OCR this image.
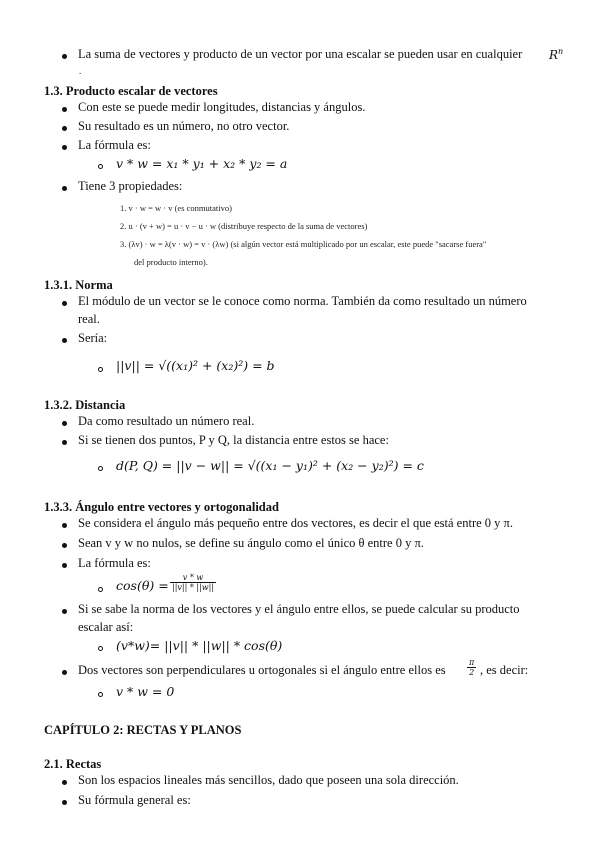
La suma de vectores y producto de un vector por una escalar se pueden usar en cualquier $R^n$
.
1.3. Producto escalar de vectores
Con este se puede medir longitudes, distancias y ángulos.
Su resultado es un número, no otro vector.
La fórmula es:
v * w = x₁ * y₁ + x₂ * y₂ = a
Tiene 3 propiedades:
1. v · w = w · v (es conmutativo)
2. u · (v + w) = u · v − u · w (distribuye respecto de la suma de vectores)
3. (λv) · w = λ(v · w) = v · (λw) (si algún vector está multiplicado por un escalar, este puede "sacarse fuera"
del producto interno).
1.3.1. Norma
El módulo de un vector se le conoce como norma. También da como resultado un número
real.
Sería:
||v|| = √((x₁)² + (x₂)²) = b
1.3.2. Distancia
Da como resultado un número real.
Si se tienen dos puntos, P y Q, la distancia entre estos se hace:
d(P, Q) = ||v − w|| = √((x₁ − y₁)² + (x₂ − y₂)²) = c
1.3.3. Ángulo entre vectores y ortogonalidad
Se considera el ángulo más pequeño entre dos vectores, es decir el que está entre 0 y π.
Sean v y w no nulos, se define su ángulo como el único θ entre 0 y π.
La fórmula es:
cos(θ) =
v * w
||v|| * ||w||
Si se sabe la norma de los vectores y el ángulo entre ellos, se puede calcular su producto
escalar así:
(v*w)= ||v|| * ||w|| * cos(θ)
Dos vectores son perpendiculares u ortogonales si el ángulo entre ellos es
π
2 , es decir:
v * w = 0
CAPÍTULO 2: RECTAS Y PLANOS
2.1. Rectas
Son los espacios lineales más sencillos, dado que poseen una sola dirección.
Su fórmula general es:
